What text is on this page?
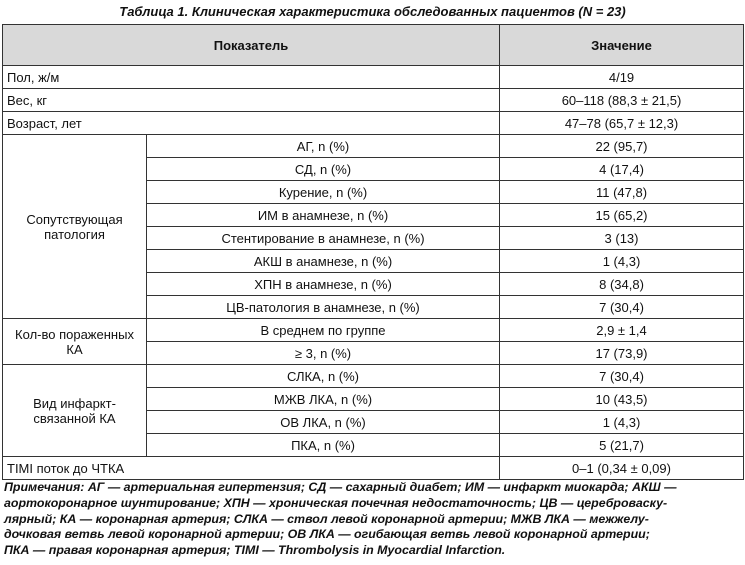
Таблица 1. Клиническая характеристика обследованных пациентов (N = 23)
Показатель		Значение
Пол, ж/м		4/19
Вес, кг		60–118 (88,3 ± 21,5)
Возраст, лет		47–78 (65,7 ± 12,3)
Сопутствующая патология	АГ, n (%)	22 (95,7)
	СД, n (%)	4 (17,4)
	Курение, n (%)	11 (47,8)
	ИМ в анамнезе, n (%)	15 (65,2)
	Стентирование в анамнезе, n (%)	3 (13)
	АКШ в анамнезе, n (%)	1 (4,3)
	ХПН в анамнезе, n (%)	8 (34,8)
	ЦВ-патология в анамнезе, n (%)	7 (30,4)
Кол-во пораженных КА	В среднем по группе	2,9 ± 1,4
	≥ 3, n (%)	17 (73,9)
Вид инфаркт-связанной КА	СЛКА, n (%)	7 (30,4)
	МЖВ ЛКА, n (%)	10 (43,5)
	ОВ ЛКА, n (%)	1 (4,3)
	ПКА, n (%)	5 (21,7)
TIMI поток до ЧТКА		0–1 (0,34 ± 0,09)

Примечания: АГ — артериальная гипертензия; СД — сахарный диабет; ИМ — инфаркт миокарда; АКШ —

аортокоронарное шунтирование; ХПН — хроническая почечная недостаточность; ЦВ — цереброваску-

лярный; КА — коронарная артерия; СЛКА — ствол левой коронарной артерии; МЖВ ЛКА — межжелу-

дочковая ветвь левой коронарной артерии; ОВ ЛКА — огибающая ветвь левой коронарной артерии;

ПКА — правая коронарная артерия; TIMI — Thrombolysis in Myocardial Infarction.
